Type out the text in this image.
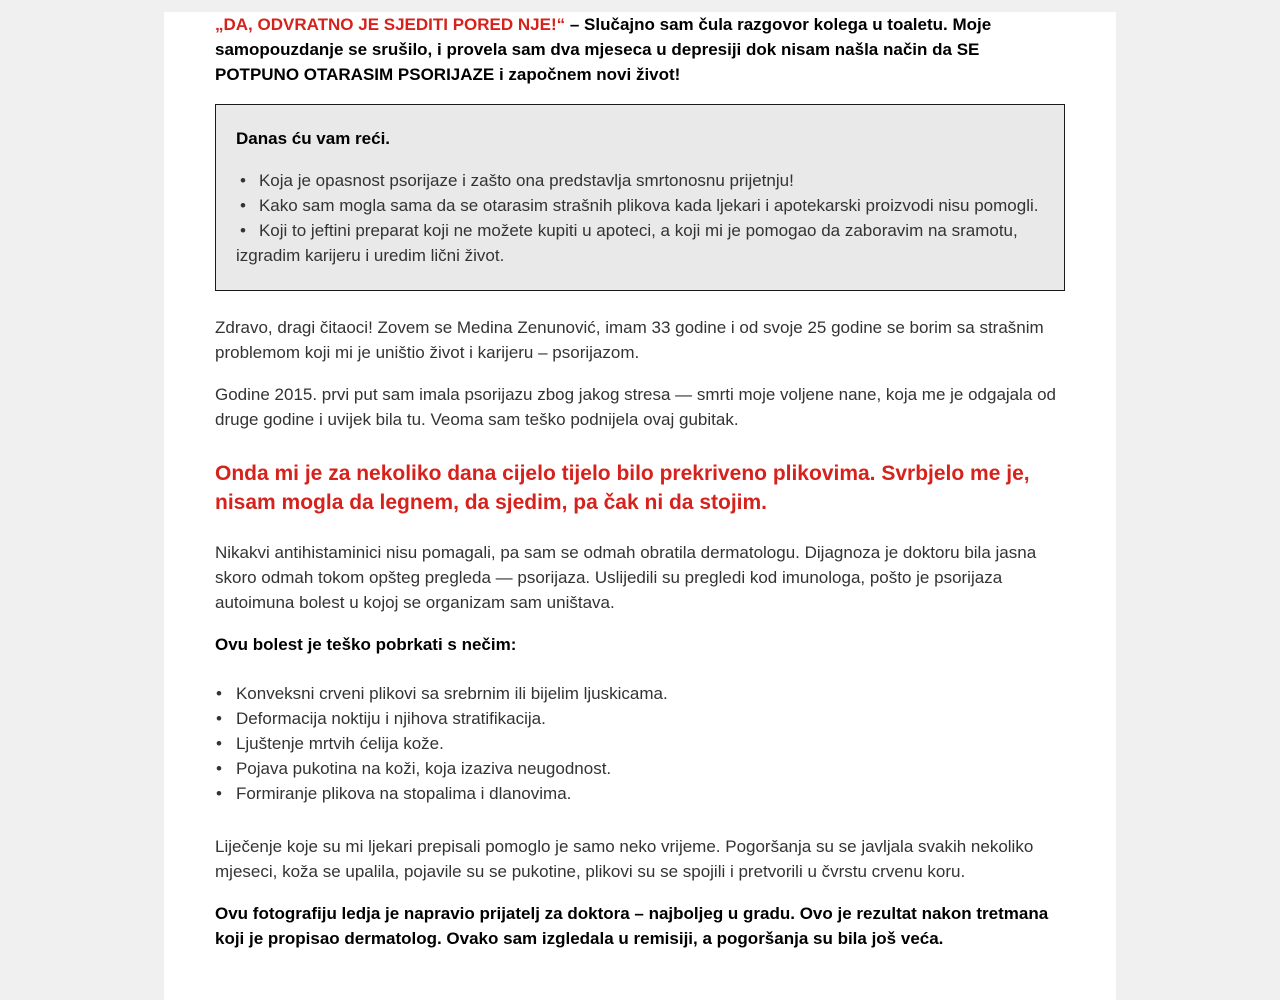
„DA, ODVRATNO JE SJEDITI PORED NJE!“ – Slučajno sam čula razgovor kolega u toaletu. Moje samopouzdanje se srušilo, i provela sam dva mjeseca u depresiji dok nisam našla način da SE POTPUNO OTARASIM PSORIJAZE i započnem novi život!

Danas ću vam reći.

• Koja je opasnost psorijaze i zašto ona predstavlja smrtonosnu prijetnju!
• Kako sam mogla sama da se otarasim strašnih plikova kada ljekari i apotekarski proizvodi nisu pomogli.
• Koji to jeftini preparat koji ne možete kupiti u apoteci, a koji mi je pomogao da zaboravim na sramotu, izgradim karijeru i uredim lični život.

Zdravo, dragi čitaoci! Zovem se Medina Zenunović, imam 33 godine i od svoje 25 godine se borim sa strašnim problemom koji mi je uništio život i karijeru – psorijazom.

Godine 2015. prvi put sam imala psorijazu zbog jakog stresa — smrti moje voljene nane, koja me je odgajala od druge godine i uvijek bila tu. Veoma sam teško podnijela ovaj gubitak.

Onda mi je za nekoliko dana cijelo tijelo bilo prekriveno plikovima. Svrbjelo me je, nisam mogla da legnem, da sjedim, pa čak ni da stojim.

Nikakvi antihistaminici nisu pomagali, pa sam se odmah obratila dermatologu. Dijagnoza je doktoru bila jasna skoro odmah tokom opšteg pregleda — psorijaza. Uslijedili su pregledi kod imunologa, pošto je psorijaza autoimuna bolest u kojoj se organizam sam uništava.

Ovu bolest je teško pobrkati s nečim:

• Konveksni crveni plikovi sa srebrnim ili bijelim ljuskicama.
• Deformacija noktiju i njihova stratifikacija.
• Ljuštenje mrtvih ćelija kože.
• Pojava pukotina na koži, koja izaziva neugodnost.
• Formiranje plikova na stopalima i dlanovima.

Liječenje koje su mi ljekari prepisali pomoglo je samo neko vrijeme. Pogoršanja su se javljala svakih nekoliko mjeseci, koža se upalila, pojavile su se pukotine, plikovi su se spojili i pretvorili u čvrstu crvenu koru.

Ovu fotografiju ledja je napravio prijatelj za doktora – najboljeg u gradu. Ovo je rezultat nakon tretmana koji je propisao dermatolog. Ovako sam izgledala u remisiji, a pogoršanja su bila još veća.
